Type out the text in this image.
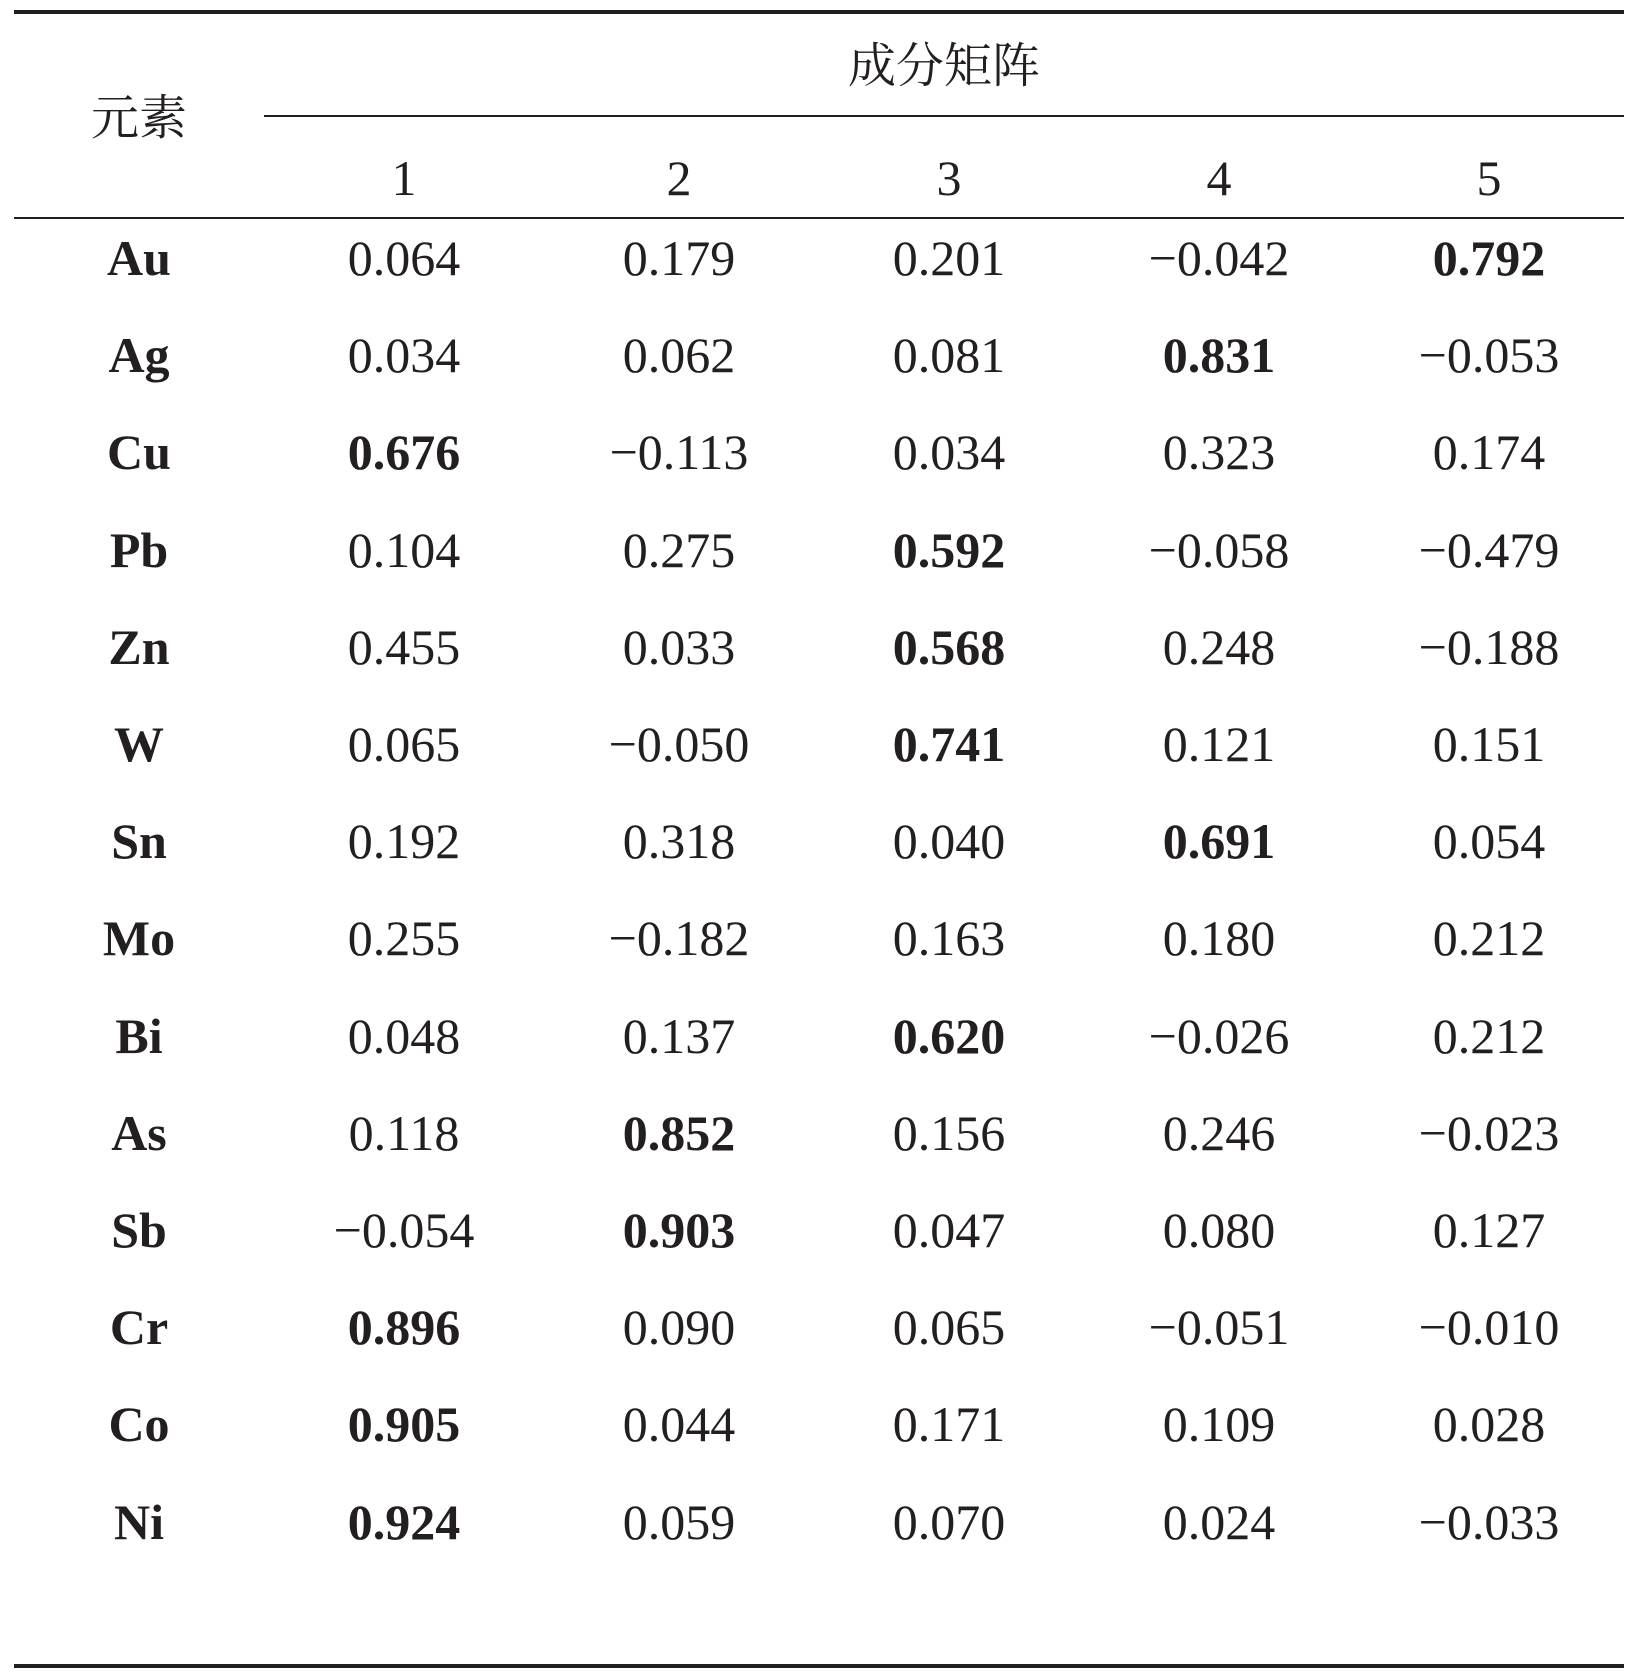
元素
成分矩阵
1	2	3	4	5
Au	0.064	0.179	0.201	−0.042	0.792
Ag	0.034	0.062	0.081	0.831	−0.053
Cu	0.676	−0.113	0.034	0.323	0.174
Pb	0.104	0.275	0.592	−0.058	−0.479
Zn	0.455	0.033	0.568	0.248	−0.188
W	0.065	−0.050	0.741	0.121	0.151
Sn	0.192	0.318	0.040	0.691	0.054
Mo	0.255	−0.182	0.163	0.180	0.212
Bi	0.048	0.137	0.620	−0.026	0.212
As	0.118	0.852	0.156	0.246	−0.023
Sb	−0.054	0.903	0.047	0.080	0.127
Cr	0.896	0.090	0.065	−0.051	−0.010
Co	0.905	0.044	0.171	0.109	0.028
Ni	0.924	0.059	0.070	0.024	−0.033
